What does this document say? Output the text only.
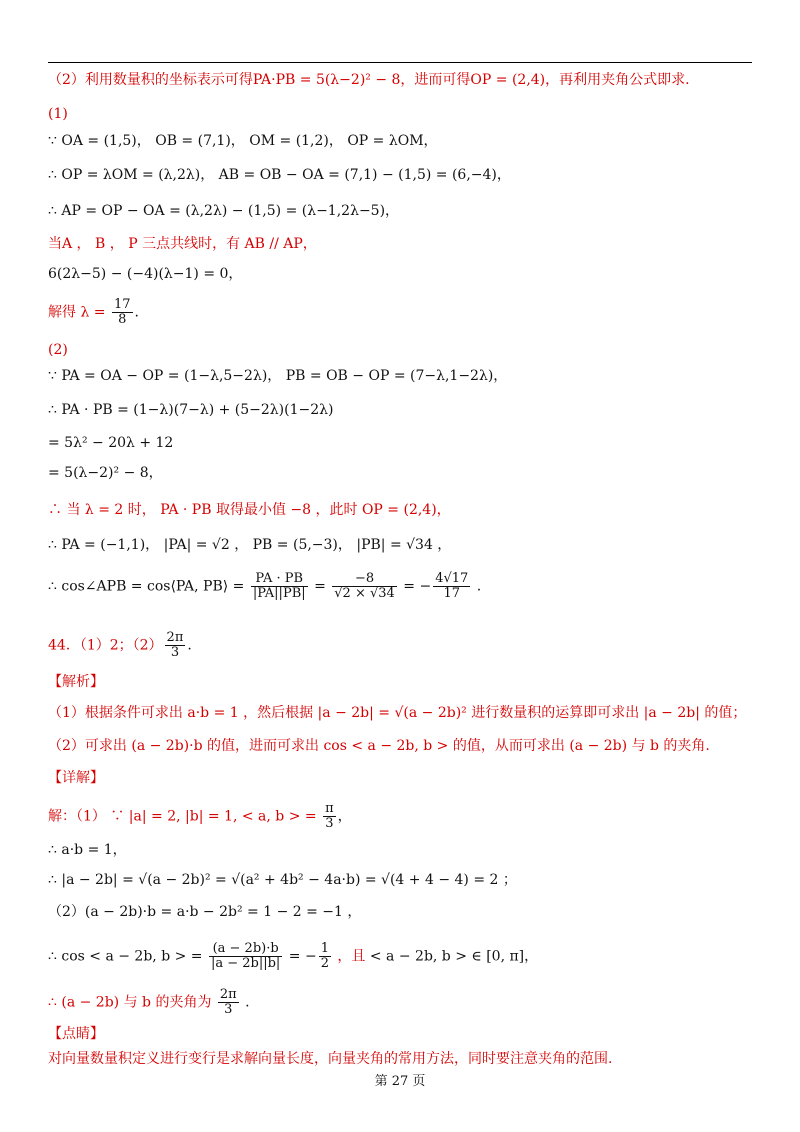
（2）利用数量积的坐标表示可得PA·PB = 5(λ−2)² − 8，进而可得OP = (2,4)，再利用夹角公式即求.
(1)
∵ OA = (1,5)， OB = (7,1)， OM = (1,2)， OP = λOM，
∴ OP = λOM = (λ,2λ)， AB = OB − OA = (7,1) − (1,5) = (6,−4)，
∴ AP = OP − OA = (λ,2λ) − (1,5) = (λ−1,2λ−5)，
当A ， B ， P 三点共线时，有 AB // AP，
6(2λ−5) − (−4)(λ−1) = 0，
解得 $\lambda = \frac{17}{8}$ .
(2)
∵ PA = OA − OP = (1−λ,5−2λ)， PB = OB − OP = (7−λ,1−2λ)，
∴ PA · PB = (1−λ)(7−λ) + (5−2λ)(1−2λ)
= 5λ² − 20λ + 12
= 5(λ−2)² − 8，
∴ 当 λ = 2 时， PA · PB 取得最小值 −8 ，此时 OP = (2,4)，
∴ PA = (−1,1)， |PA| = √2 ， PB = (5,−3)， |PB| = √34 ，
∴ cos∠APB = cos⟨PA, PB⟩ = $\frac{PA \cdot PB}{|PA||PB|} = \frac{-8}{√2 \times √34}$ = − $\frac{4√17}{17}$ .
44．（1）2；$(2) \frac{2\pi}{3}$ .
【解析】
（1）根据条件可求出 a·b = 1 ，然后根据 |a − 2b| = √(a − 2b)² 进行数量积的运算即可求出 |a − 2b| 的值；
（2）可求出 (a − 2b)·b 的值，进而可求出 cos < a − 2b, b > 的值，从而可求出 (a − 2b) 与 b 的夹角.
【详解】
解：（1） ∵ |a| = 2, |b| = 1, < a, b > = $\frac{\pi}{3}$ ，
∴ a·b = 1，
∴ |a − 2b| = √(a − 2b)² = √(a² + 4b² − 4a·b) = √(4 + 4 − 4) = 2 ；
（2）(a − 2b)·b = a·b − 2b² = 1 − 2 = −1 ，
∴ cos < a − 2b, b > = $\frac{(a - 2b)\cdot b}{|a - 2b||b|}$ = − $\frac{1}{2}$ ，且 < a − 2b, b > ∈ [0, π]，
∴ (a − 2b) 与 b 的夹角为 $\frac{2\pi}{3}$ .
【点睛】
对向量数量积定义进行变行是求解向量长度，向量夹角的常用方法，同时要注意夹角的范围.
第 27 页
